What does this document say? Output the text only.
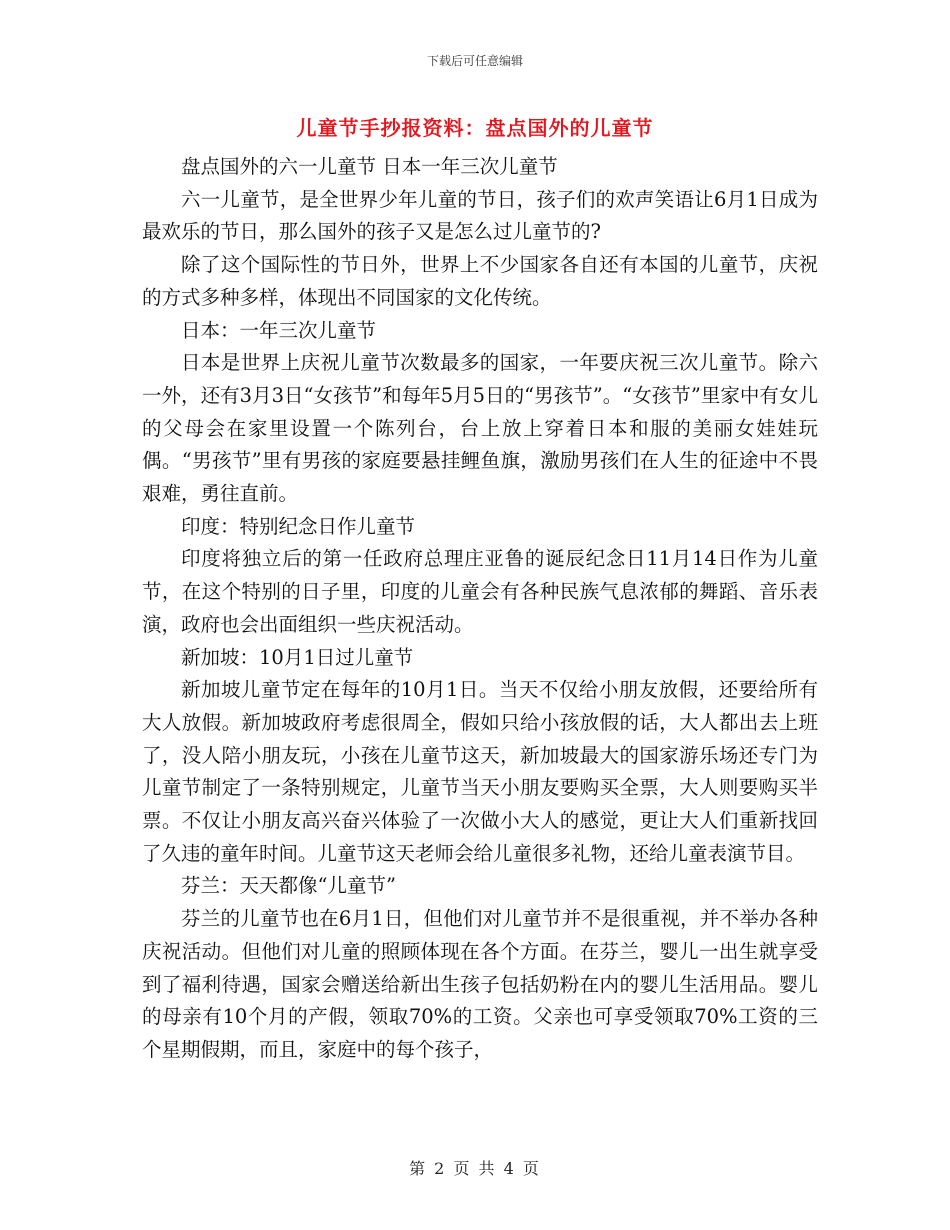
下载后可任意编辑
儿童节手抄报资料：盘点国外的儿童节

盘点国外的六一儿童节 日本一年三次儿童节

六一儿童节，是全世界少年儿童的节日，孩子们的欢声笑语让6月1日成为最欢乐的节日，那么国外的孩子又是怎么过儿童节的?

除了这个国际性的节日外，世界上不少国家各自还有本国的儿童节，庆祝的方式多种多样，体现出不同国家的文化传统。

日本：一年三次儿童节

日本是世界上庆祝儿童节次数最多的国家，一年要庆祝三次儿童节。除六一外，还有3月3日“女孩节”和每年5月5日的“男孩节”。“女孩节”里家中有女儿的父母会在家里设置一个陈列台，台上放上穿着日本和服的美丽女娃娃玩偶。“男孩节”里有男孩的家庭要悬挂鲤鱼旗，激励男孩们在人生的征途中不畏艰难，勇往直前。

印度：特别纪念日作儿童节

印度将独立后的第一任政府总理庄亚鲁的诞辰纪念日11月14日作为儿童节，在这个特别的日子里，印度的儿童会有各种民族气息浓郁的舞蹈、音乐表演，政府也会出面组织一些庆祝活动。

新加坡：10月1日过儿童节

新加坡儿童节定在每年的10月1日。当天不仅给小朋友放假，还要给所有大人放假。新加坡政府考虑很周全，假如只给小孩放假的话，大人都出去上班了，没人陪小朋友玩，小孩在儿童节这天，新加坡最大的国家游乐场还专门为儿童节制定了一条特别规定，儿童节当天小朋友要购买全票，大人则要购买半票。不仅让小朋友高兴奋兴体验了一次做小大人的感觉，更让大人们重新找回了久违的童年时间。儿童节这天老师会给儿童很多礼物，还给儿童表演节目。

芬兰：天天都像“儿童节”

芬兰的儿童节也在6月1日，但他们对儿童节并不是很重视，并不举办各种庆祝活动。但他们对儿童的照顾体现在各个方面。在芬兰，婴儿一出生就享受到了福利待遇，国家会赠送给新出生孩子包括奶粉在内的婴儿生活用品。婴儿的母亲有10个月的产假，领取70%的工资。父亲也可享受领取70%工资的三个星期假期，而且，家庭中的每个孩子，

第 2 页 共 4 页
